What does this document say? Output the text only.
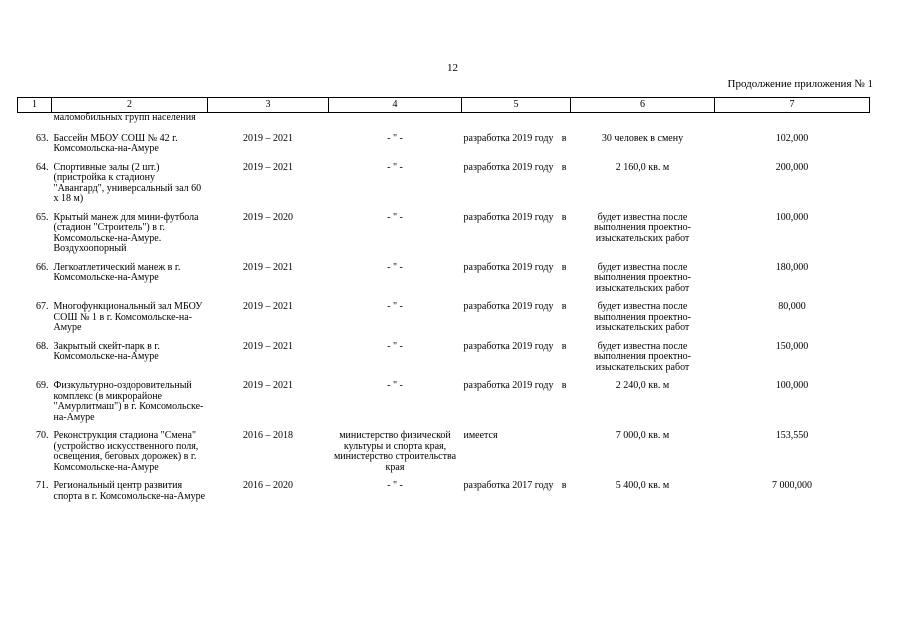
12
Продолжение приложения № 1
1	2	3	4	5	6	7
	маломобильных групп населения			

63.	Бассейн МБОУ СОШ № 42 г. Комсомольска-на-Амуре	2019 – 2021	- " -	разработка 2019 году в	30 человек в смену	102,000
64.	Спортивные залы (2 шт.) (пристройка к стадиону "Авангард", универсальный зал 60 х 18 м)	2019 – 2021	- " -	разработка 2019 году в	2 160,0 кв. м	200,000
65.	Крытый манеж для мини-футбола (стадион "Строитель") в г. Комсомольске-на-Амуре. Воздухоопорный	2019 – 2020	- " -	разработка 2019 году в	будет известна после выполнения проектно-изыскательских работ	100,000
66.	Легкоатлетический манеж в г. Комсомольске-на-Амуре	2019 – 2021	- " -	разработка 2019 году в	будет известна после выполнения проектно-изыскательских работ	180,000
67.	Многофункциональный зал МБОУ СОШ № 1 в г. Комсомольске-на-Амуре	2019 – 2021	- " -	разработка 2019 году в	будет известна после выполнения проектно-изыскательских работ	80,000
68.	Закрытый скейт-парк в г. Комсомольске-на-Амуре	2019 – 2021	- " -	разработка 2019 году в	будет известна после выполнения проектно-изыскательских работ	150,000
69.	Физкультурно-оздоровительный комплекс (в микрорайоне "Амурлитмаш") в г. Комсомольске-на-Амуре	2019 – 2021	- " -	разработка 2019 году в	2 240,0 кв. м	100,000
70.	Реконструкция стадиона "Смена" (устройство искусственного поля, освещения, беговых дорожек) в г. Комсомольске-на-Амуре	2016 – 2018	министерство физической культуры и спорта края, министерство строительства края	имеется	7 000,0 кв. м	153,550
71.	Региональный центр развития спорта в г. Комсомольске-на-Амуре	2016 – 2020	- " -	разработка 2017 году в	5 400,0 кв. м	7 000,000
